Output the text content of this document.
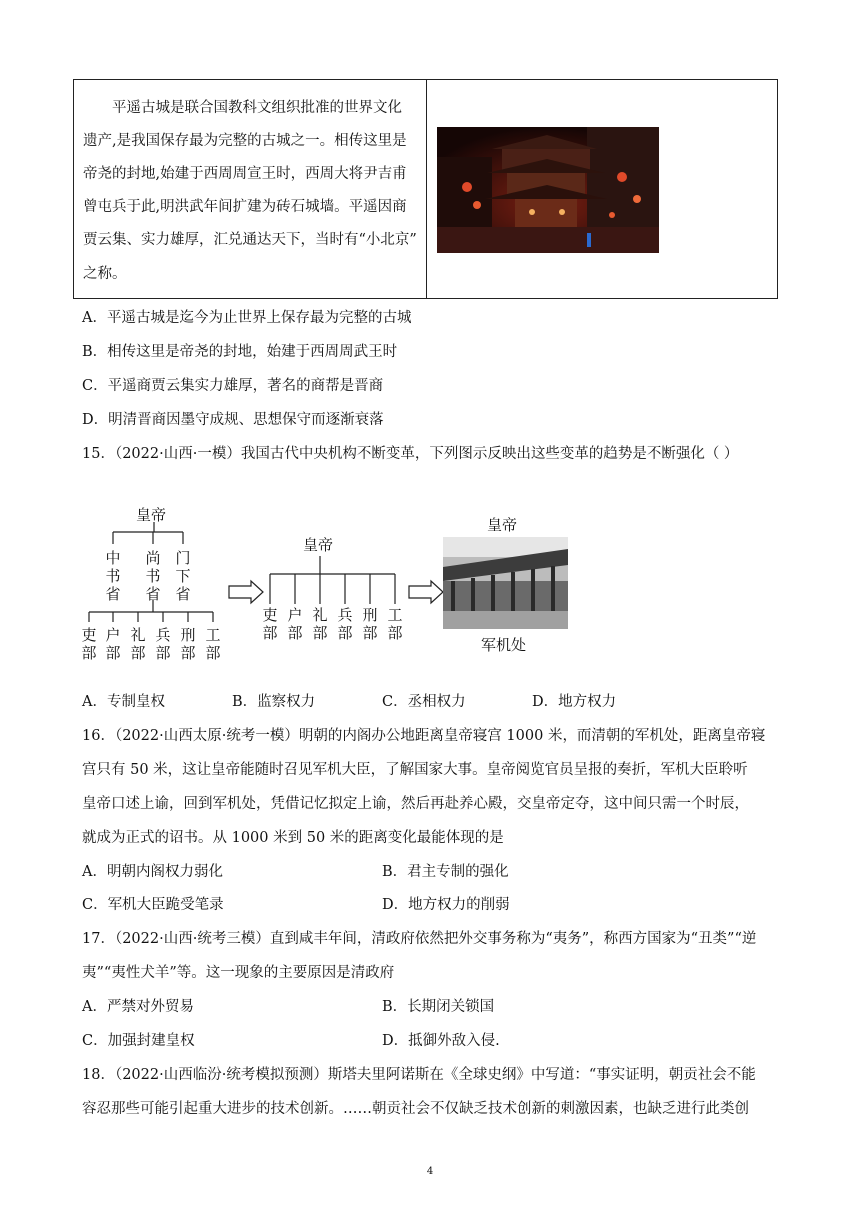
平遥古城是联合国教科文组织批准的世界文化
遗产,是我国保存最为完整的古城之一。相传这里是
帝尧的封地,始建于西周周宣王时，西周大将尹吉甫
曾屯兵于此,明洪武年间扩建为砖石城墙。平遥因商
贾云集、实力雄厚，汇兑通达天下，当时有“小北京”
之称。
A．平遥古城是迄今为止世界上保存最为完整的古城
B．相传这里是帝尧的封地，始建于西周周武王时
C．平遥商贾云集实力雄厚，著名的商帮是晋商
D．明清晋商因墨守成规、思想保守而逐渐衰落
15．（2022·山西·一模）我国古代中央机构不断变革，下列图示反映出这些变革的趋势是不断强化（ ）
皇帝
中书省
尚书省
门下省
吏部
户部
礼部
兵部
刑部
工部
皇帝
吏部
户部
礼部
兵部
刑部
工部
皇帝
军机处
A．专制皇权	B．监察权力	C．丞相权力	D．地方权力
16．（2022·山西太原·统考一模）明朝的内阁办公地距离皇帝寝宫 1000 米，而清朝的军机处，距离皇帝寝
宫只有 50 米，这让皇帝能随时召见军机大臣，了解国家大事。皇帝阅览官员呈报的奏折，军机大臣聆听
皇帝口述上谕，回到军机处，凭借记忆拟定上谕，然后再赴养心殿，交皇帝定夺，这中间只需一个时辰，
就成为正式的诏书。从 1000 米到 50 米的距离变化最能体现的是
A．明朝内阁权力弱化	B．君主专制的强化
C．军机大臣跪受笔录	D．地方权力的削弱
17．（2022·山西·统考三模）直到咸丰年间，清政府依然把外交事务称为“夷务”，称西方国家为“丑类”“逆
夷”“夷性犬羊”等。这一现象的主要原因是清政府
A．严禁对外贸易	B．长期闭关锁国
C．加强封建皇权	D．抵御外敌入侵.
18．（2022·山西临汾·统考模拟预测）斯塔夫里阿诺斯在《全球史纲》中写道：“事实证明，朝贡社会不能
容忍那些可能引起重大进步的技术创新。……朝贡社会不仅缺乏技术创新的刺激因素，也缺乏进行此类创
4
